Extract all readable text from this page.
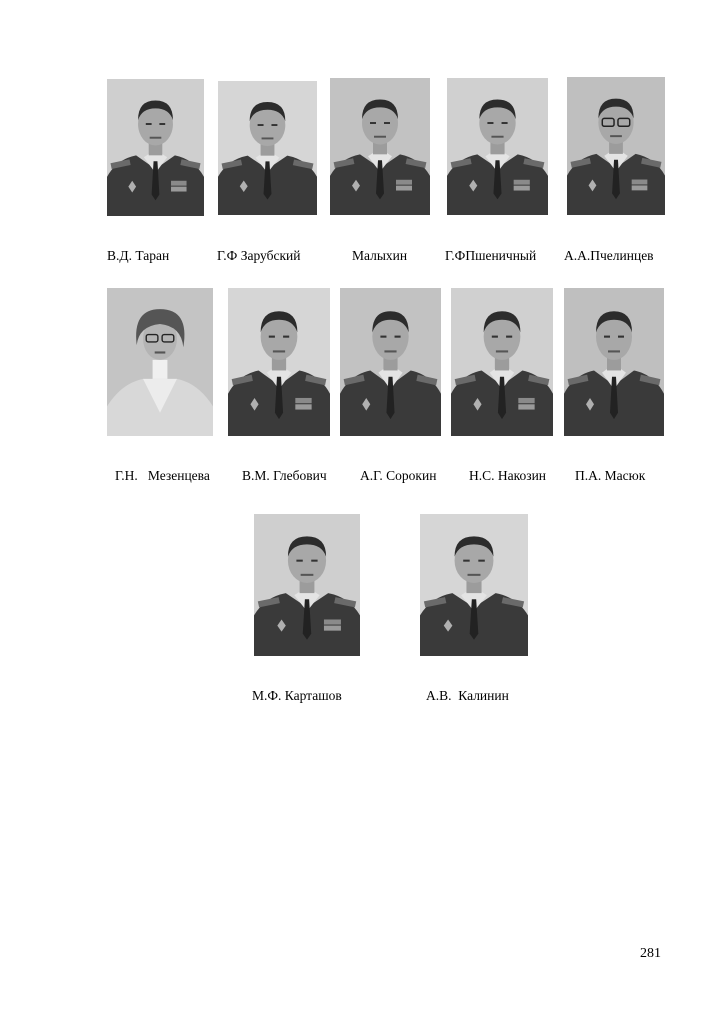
В.Д. Таран	Г.Ф Зарубский	Малыхин	Г.ФПшеничный А.А.Пчелинцев
Г.Н.   Мезенцева В.М. Глебович А.Г. Сорокин Н.С. Накозин П.А. Масюк
М.Ф. Карташов	А.В.  Калинин
281
